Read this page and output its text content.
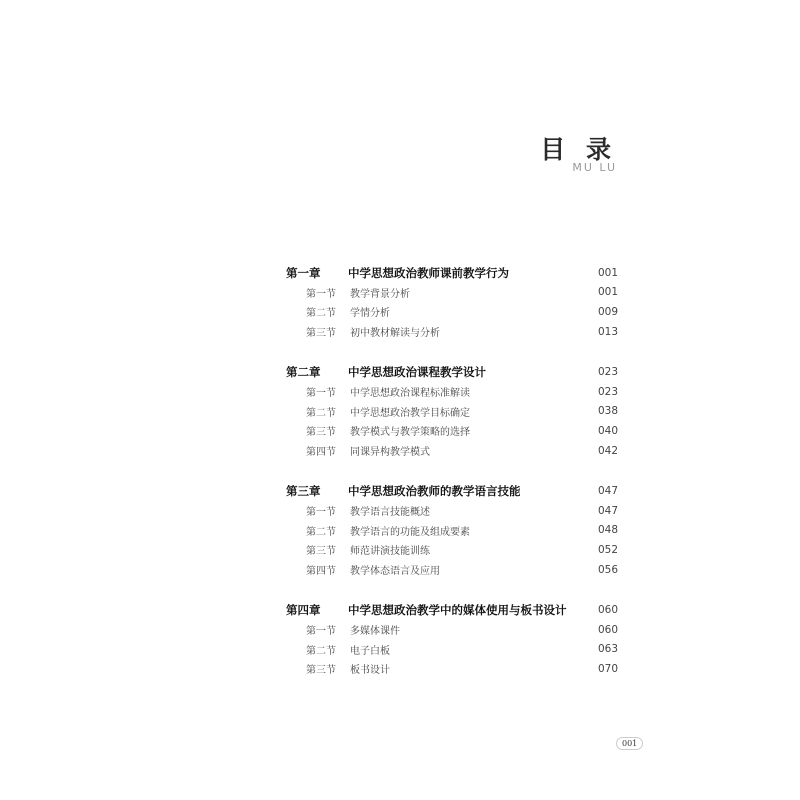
目 录
MU LU
第一章	中学思想政治教师课前教学行为	001
第一节	教学背景分析	001
第二节	学情分析	009
第三节	初中教材解读与分析	013
第二章	中学思想政治课程教学设计	023
第一节	中学思想政治课程标准解读	023
第二节	中学思想政治教学目标确定	038
第三节	教学模式与教学策略的选择	040
第四节	同课异构教学模式	042
第三章	中学思想政治教师的教学语言技能	047
第一节	教学语言技能概述	047
第二节	教学语言的功能及组成要素	048
第三节	师范讲演技能训练	052
第四节	教学体态语言及应用	056
第四章	中学思想政治教学中的媒体使用与板书设计	060
第一节	多媒体课件	060
第二节	电子白板	063
第三节	板书设计	070
001
